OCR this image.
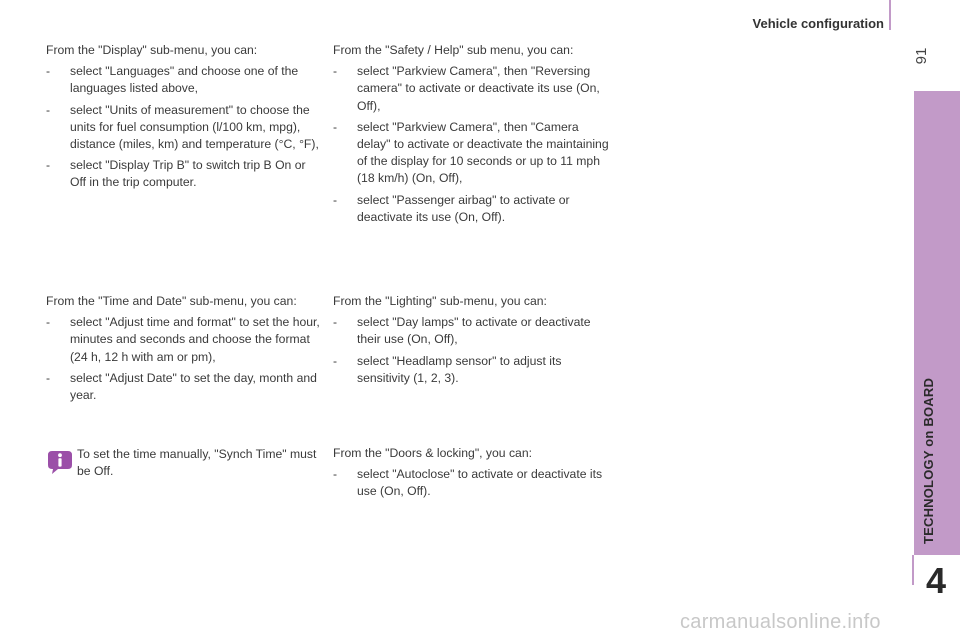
Vehicle configuration
91
TECHNOLOGY on BOARD
4

From the "Display" sub-menu, you can:

- select "Languages" and choose one of the languages listed above,
- select "Units of measurement" to choose the units for fuel consumption (l/100 km, mpg), distance (miles, km) and temperature (°C, °F),
- select "Display Trip B" to switch trip B On or Off in the trip computer.

From the "Time and Date" sub-menu, you can:

- select "Adjust time and format" to set the hour, minutes and seconds and choose the format (24 h, 12 h with am or pm),
- select "Adjust Date" to set the day, month and year.
To set the time manually, "Synch Time" must be Off.

From the "Safety / Help" sub menu, you can:

- select "Parkview Camera", then "Reversing camera" to activate or deactivate its use (On, Off),
- select "Parkview Camera", then "Camera delay" to activate or deactivate the maintaining of the display for 10 seconds or up to 11 mph (18 km/h) (On, Off),
- select "Passenger airbag" to activate or deactivate its use (On, Off).

From the "Lighting" sub-menu, you can:

- select "Day lamps" to activate or deactivate their use (On, Off),
- select "Headlamp sensor" to adjust its sensitivity (1, 2, 3).

From the "Doors & locking", you can:

- select "Autoclose" to activate or deactivate its use (On, Off).
carmanualsonline.info
